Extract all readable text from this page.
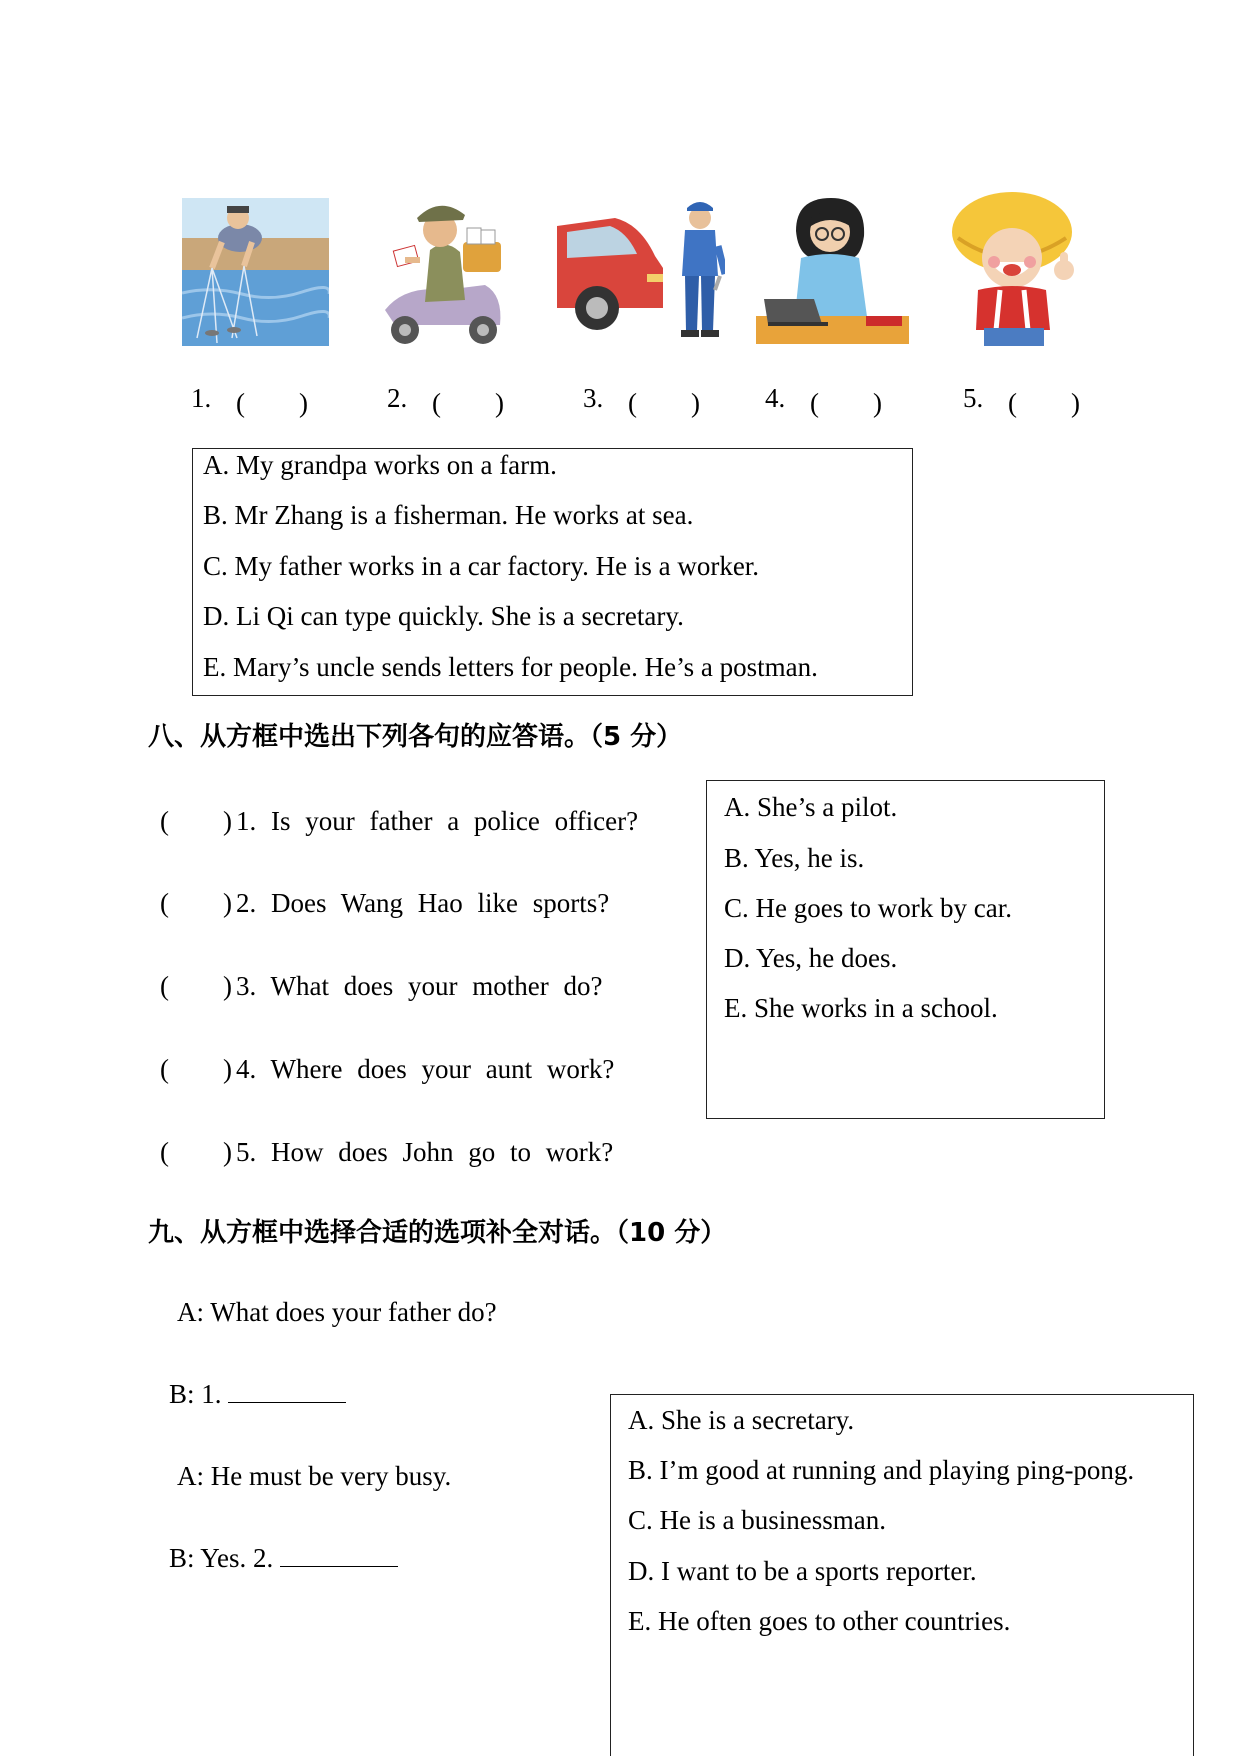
1. (　　)	2. (　　)	3. (　　) 4. (　　)	5. (　　)
A. My grandpa works on a farm.
B. Mr Zhang is a fisherman. He works at sea.
C. My father works in a car factory. He is a worker.
D. Li Qi can type quickly. She is a secretary.
E. Mary’s uncle sends letters for people. He’s a postman.
八、从方框中选出下列各句的应答语。（5 分）
(　　) 1. Is your father a police officer?
(　　) 2. Does Wang Hao like sports?
(　　) 3. What does your mother do?
(　　) 4. Where does your aunt work?
(　　) 5. How does John go to work?
A. She’s a pilot.
B. Yes, he is.
C. He goes to work by car.
D. Yes, he does.
E. She works in a school.
九、从方框中选择合适的选项补全对话。（10 分）
A: What does your father do?
B: 1.
A: He must be very busy.
B: Yes. 2.
A. She is a secretary.
B. I’m good at running and playing ping-pong.
C. He is a businessman.
D. I want to be a sports reporter.
E. He often goes to other countries.
